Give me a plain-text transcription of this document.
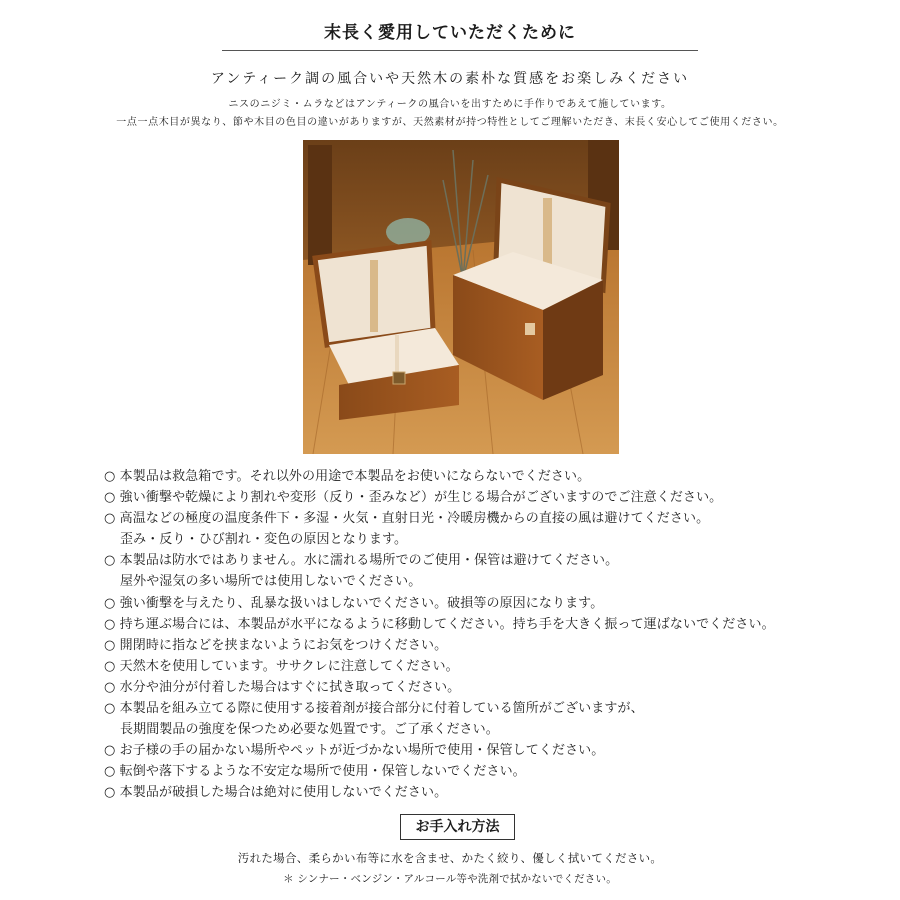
末長く愛用していただくために
アンティーク調の風合いや天然木の素朴な質感をお楽しみください
ニスのニジミ・ムラなどはアンティークの風合いを出すために手作りであえて施しています。
一点一点木目が異なり、節や木目の色目の違いがありますが、天然素材が持つ特性としてご理解いただき、末長く安心してご使用ください。
○ 本製品は救急箱です。それ以外の用途で本製品をお使いにならないでください。
○ 強い衝撃や乾燥により割れや変形（反り・歪みなど）が生じる場合がございますのでご注意ください。
○ 高温などの極度の温度条件下・多湿・火気・直射日光・冷暖房機からの直接の風は避けてください。
歪み・反り・ひび割れ・変色の原因となります。
○ 本製品は防水ではありません。水に濡れる場所でのご使用・保管は避けてください。
屋外や湿気の多い場所では使用しないでください。
○ 強い衝撃を与えたり、乱暴な扱いはしないでください。破損等の原因になります。
○ 持ち運ぶ場合には、本製品が水平になるように移動してください。持ち手を大きく振って運ばないでください。
○ 開閉時に指などを挟まないようにお気をつけください。
○ 天然木を使用しています。ササクレに注意してください。
○ 水分や油分が付着した場合はすぐに拭き取ってください。
○ 本製品を組み立てる際に使用する接着剤が接合部分に付着している箇所がございますが、
長期間製品の強度を保つため必要な処置です。ご了承ください。
○ お子様の手の届かない場所やペットが近づかない場所で使用・保管してください。
○ 転倒や落下するような不安定な場所で使用・保管しないでください。
○ 本製品が破損した場合は絶対に使用しないでください。
お手入れ方法
汚れた場合、柔らかい布等に水を含ませ、かたく絞り、優しく拭いてください。
＊ シンナー・ベンジン・アルコール等や洗剤で拭かないでください。
